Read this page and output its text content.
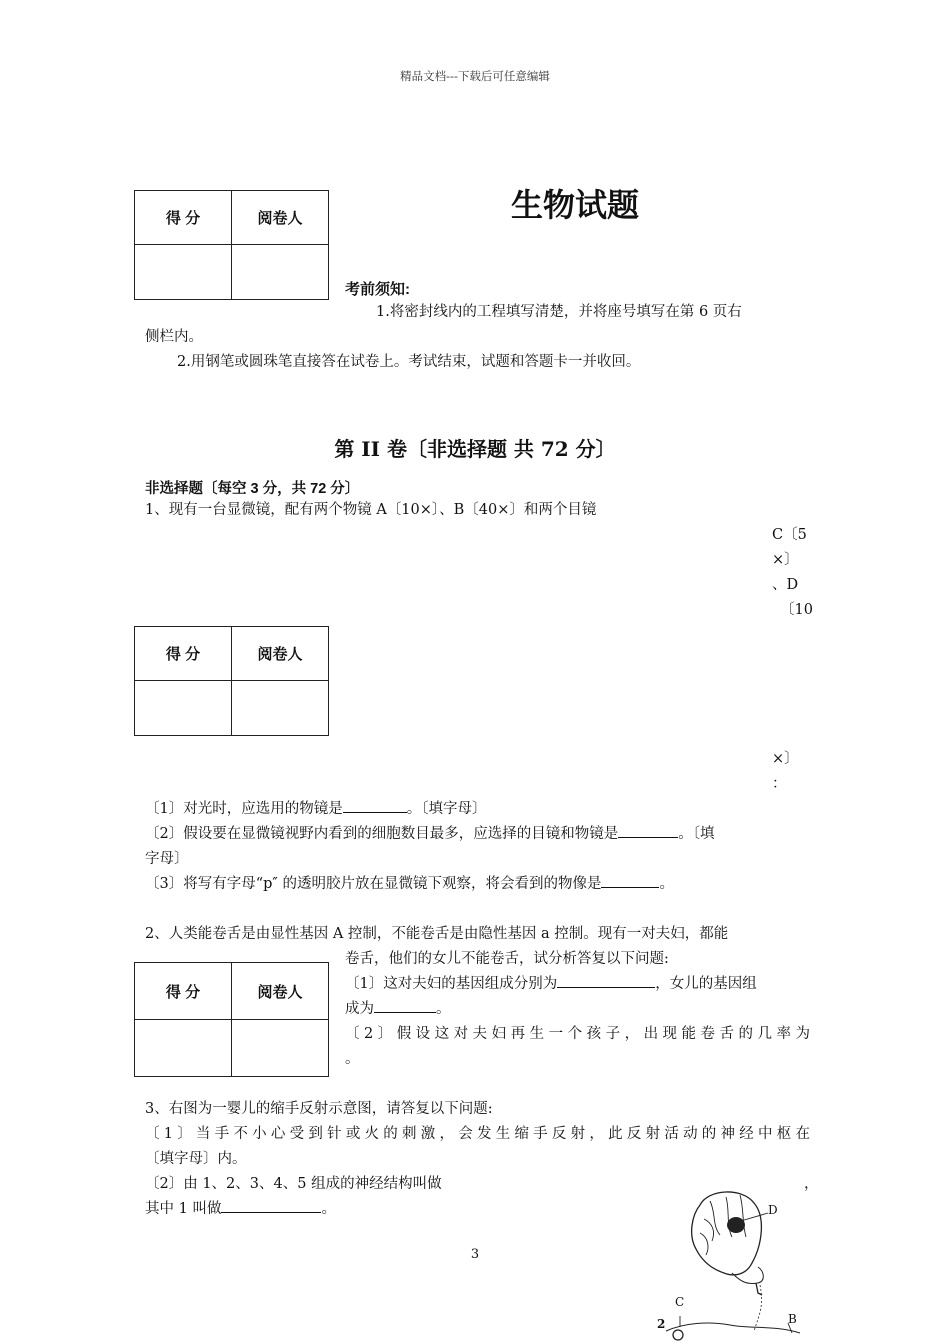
精品文档---下载后可任意编辑
得 分	阅卷人
		生物试题
考前须知:
1.将密封线内的工程填写清楚，并将座号填写在第 6 页右
侧栏内。
2.用钢笔或圆珠笔直接答在试卷上。考试结束，试题和答题卡一并收回。
第 II 卷〔非选择题 共 72 分〕
非选择题〔每空 3 分，共 72 分〕
1、现有一台显微镜，配有两个物镜 A〔10×〕、B〔40×〕和两个目镜
C〔5
×〕
、D
〔10
×〕
：
得 分	阅卷人

〔1〕对光时，应选用的物镜是	。〔填字母〕
〔2〕假设要在显微镜视野内看到的细胞数目最多，应选择的目镜和物镜是	。〔填
字母〕
〔3〕将写有字母“p″ 的透明胶片放在显微镜下观察，将会看到的物像是	。
2、人类能卷舌是由显性基因 A 控制，不能卷舌是由隐性基因 a 控制。现有一对夫妇，都能
得 分	阅卷人

卷舌，他们的女儿不能卷舌，试分析答复以下问题:
〔1〕这对夫妇的基因组成分别为	，女儿的基因组
成为	。
〔2〕假设这对夫妇再生一个孩子，出现能卷舌的几率为
。
3、右图为一婴儿的缩手反射示意图，请答复以下问题:
〔1〕当手不小心受到针或火的刺激，会发生缩手反射，此反射活动的神经中枢在
〔填字母〕内。
〔2〕由 1、2、3、4、5 组成的神经结构叫做	，
其中 1 叫做	。	D
C
B
2
3
